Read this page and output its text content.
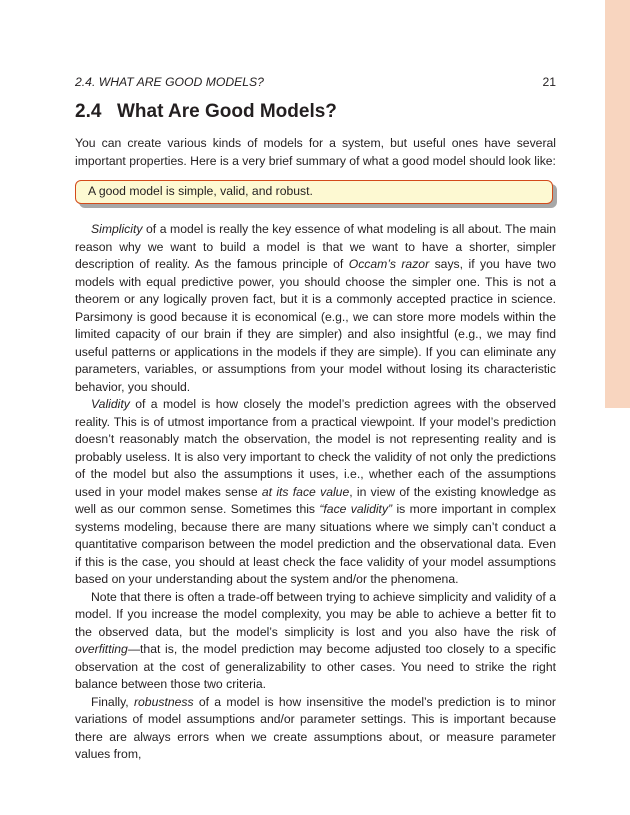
2.4. WHAT ARE GOOD MODELS?	21
2.4 What Are Good Models?

You can create various kinds of models for a system, but useful ones have several important properties. Here is a very brief summary of what a good model should look like:

A good model is simple, valid, and robust.

Simplicity of a model is really the key essence of what modeling is all about. The main reason why we want to build a model is that we want to have a shorter, simpler description of reality. As the famous principle of Occam’s razor says, if you have two models with equal predictive power, you should choose the simpler one. This is not a theorem or any logically proven fact, but it is a commonly accepted practice in science. Parsimony is good because it is economical (e.g., we can store more models within the limited capacity of our brain if they are simpler) and also insightful (e.g., we may find useful patterns or applications in the models if they are simple). If you can eliminate any parameters, variables, or assumptions from your model without losing its characteristic behavior, you should.

Validity of a model is how closely the model’s prediction agrees with the observed reality. This is of utmost importance from a practical viewpoint. If your model’s prediction doesn’t reasonably match the observation, the model is not representing reality and is probably useless. It is also very important to check the validity of not only the predictions of the model but also the assumptions it uses, i.e., whether each of the assumptions used in your model makes sense at its face value, in view of the existing knowledge as well as our common sense. Sometimes this “face validity” is more important in complex systems modeling, because there are many situations where we simply can’t conduct a quantitative comparison between the model prediction and the observational data. Even if this is the case, you should at least check the face validity of your model assumptions based on your understanding about the system and/or the phenomena.

Note that there is often a trade-off between trying to achieve simplicity and validity of a model. If you increase the model complexity, you may be able to achieve a better fit to the observed data, but the model’s simplicity is lost and you also have the risk of overfitting—that is, the model prediction may become adjusted too closely to a specific observation at the cost of generalizability to other cases. You need to strike the right balance between those two criteria.

Finally, robustness of a model is how insensitive the model’s prediction is to minor variations of model assumptions and/or parameter settings. This is important because there are always errors when we create assumptions about, or measure parameter values from,
